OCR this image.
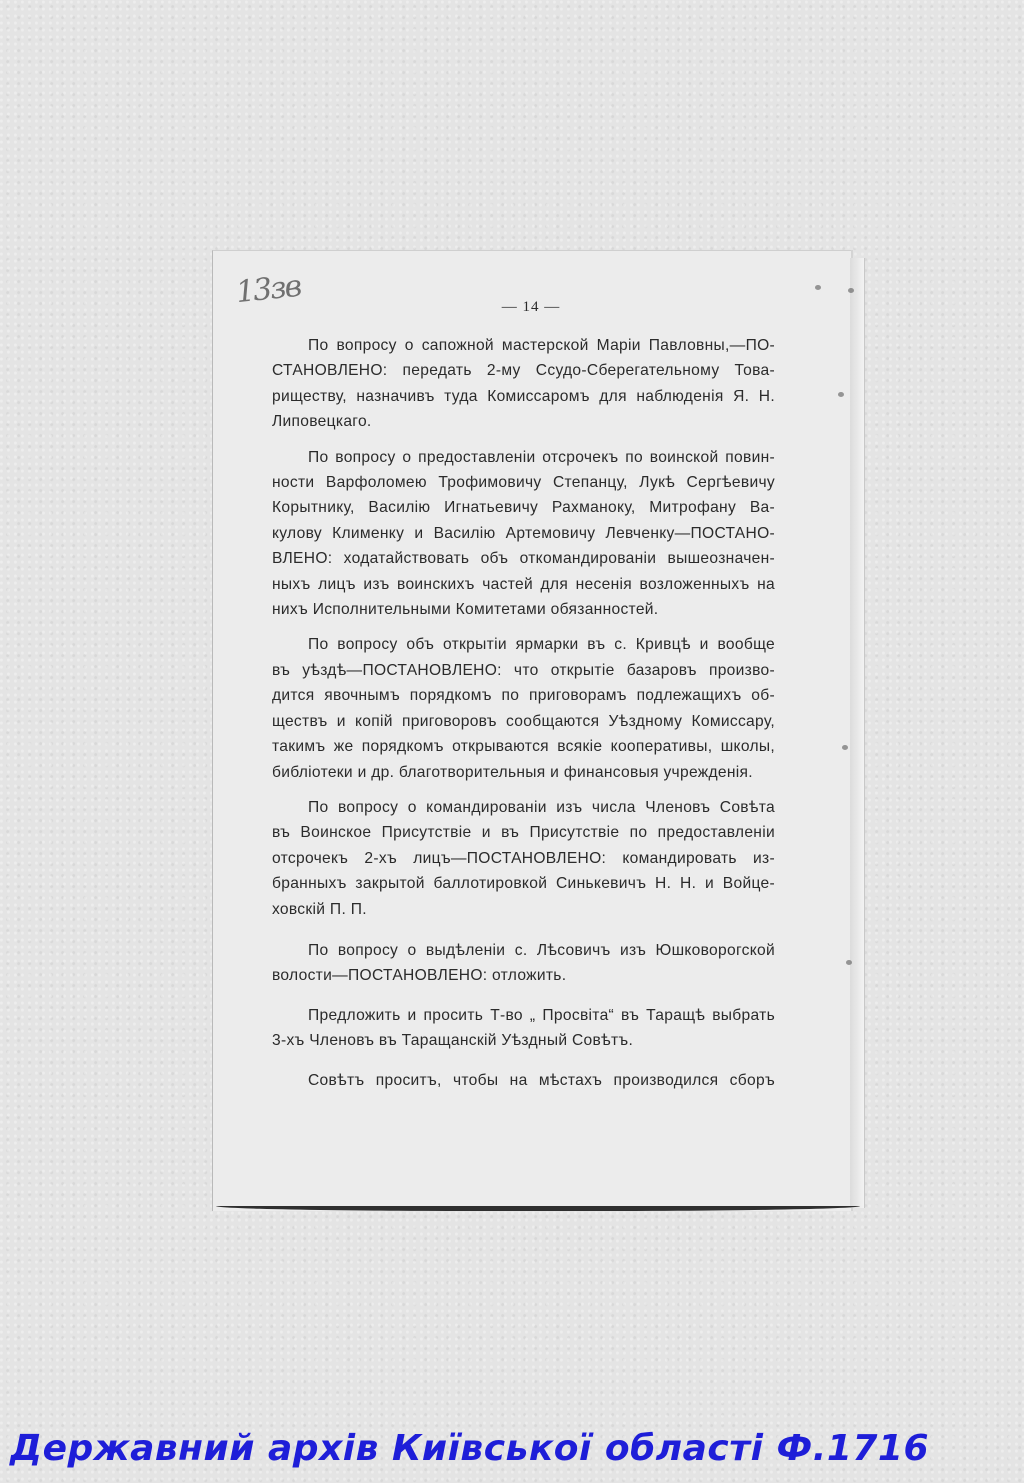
13зв	— 14 —
По вопросу о сапожной мастерской Марiи Павловны,—ПО-
СТАНОВЛЕНО: передать 2-му Ссудо-Сберегательному Това-
риществу, назначивъ туда Комиссаромъ для наблюденiя Я. Н.
Липовецкаго.
По вопросу о предоставленiи отсрочекъ по воинской повин-
ности Варфоломею Трофимовичу Степанцу, Лукѣ Сергѣевичу
Корытнику, Василiю Игнатьевичу Рахманоку, Митрофану Ва-
кулову Клименку и Василiю Артемовичу Левченку—ПОСТАНО-
ВЛЕНО: ходатайствовать объ откомандированiи вышеозначен-
ныхъ лицъ изъ воинскихъ частей для несенiя возложенныхъ на
нихъ Исполнительными Комитетами обязанностей.
По вопросу объ открытiи ярмарки въ с. Кривцѣ и вообще
въ уѣздѣ—ПОСТАНОВЛЕНО: что открытiе базаровъ произво-
дится явочнымъ порядкомъ по приговорамъ подлежащихъ об-
ществъ и копiй приговоровъ сообщаются Уѣздному Комиссару,
такимъ же порядкомъ открываются всякiе кооперативы, школы,
библiотеки и др. благотворительныя и финансовыя учрежденiя.
По вопросу о командированiи изъ числа Членовъ Совѣта
въ Воинское Присутствiе и въ Присутствiе по предоставленiи
отсрочекъ 2-хъ лицъ—ПОСТАНОВЛЕНО: командировать из-
бранныхъ закрытой баллотировкой Синькевичъ Н. Н. и Войце-
ховскiй П. П.
По вопросу о выдѣленiи с. Лѣсовичъ изъ Юшковорогской
волости—ПОСТАНОВЛЕНО: отложить.
Предложить и просить Т-во „ Просвiта“ въ Таращѣ выбрать
3-хъ Членовъ въ Таращанскiй Уѣздный Совѣтъ.
Совѣтъ проситъ, чтобы на мѣстахъ производился сборъ
Державний архів Київської області Ф.1716
